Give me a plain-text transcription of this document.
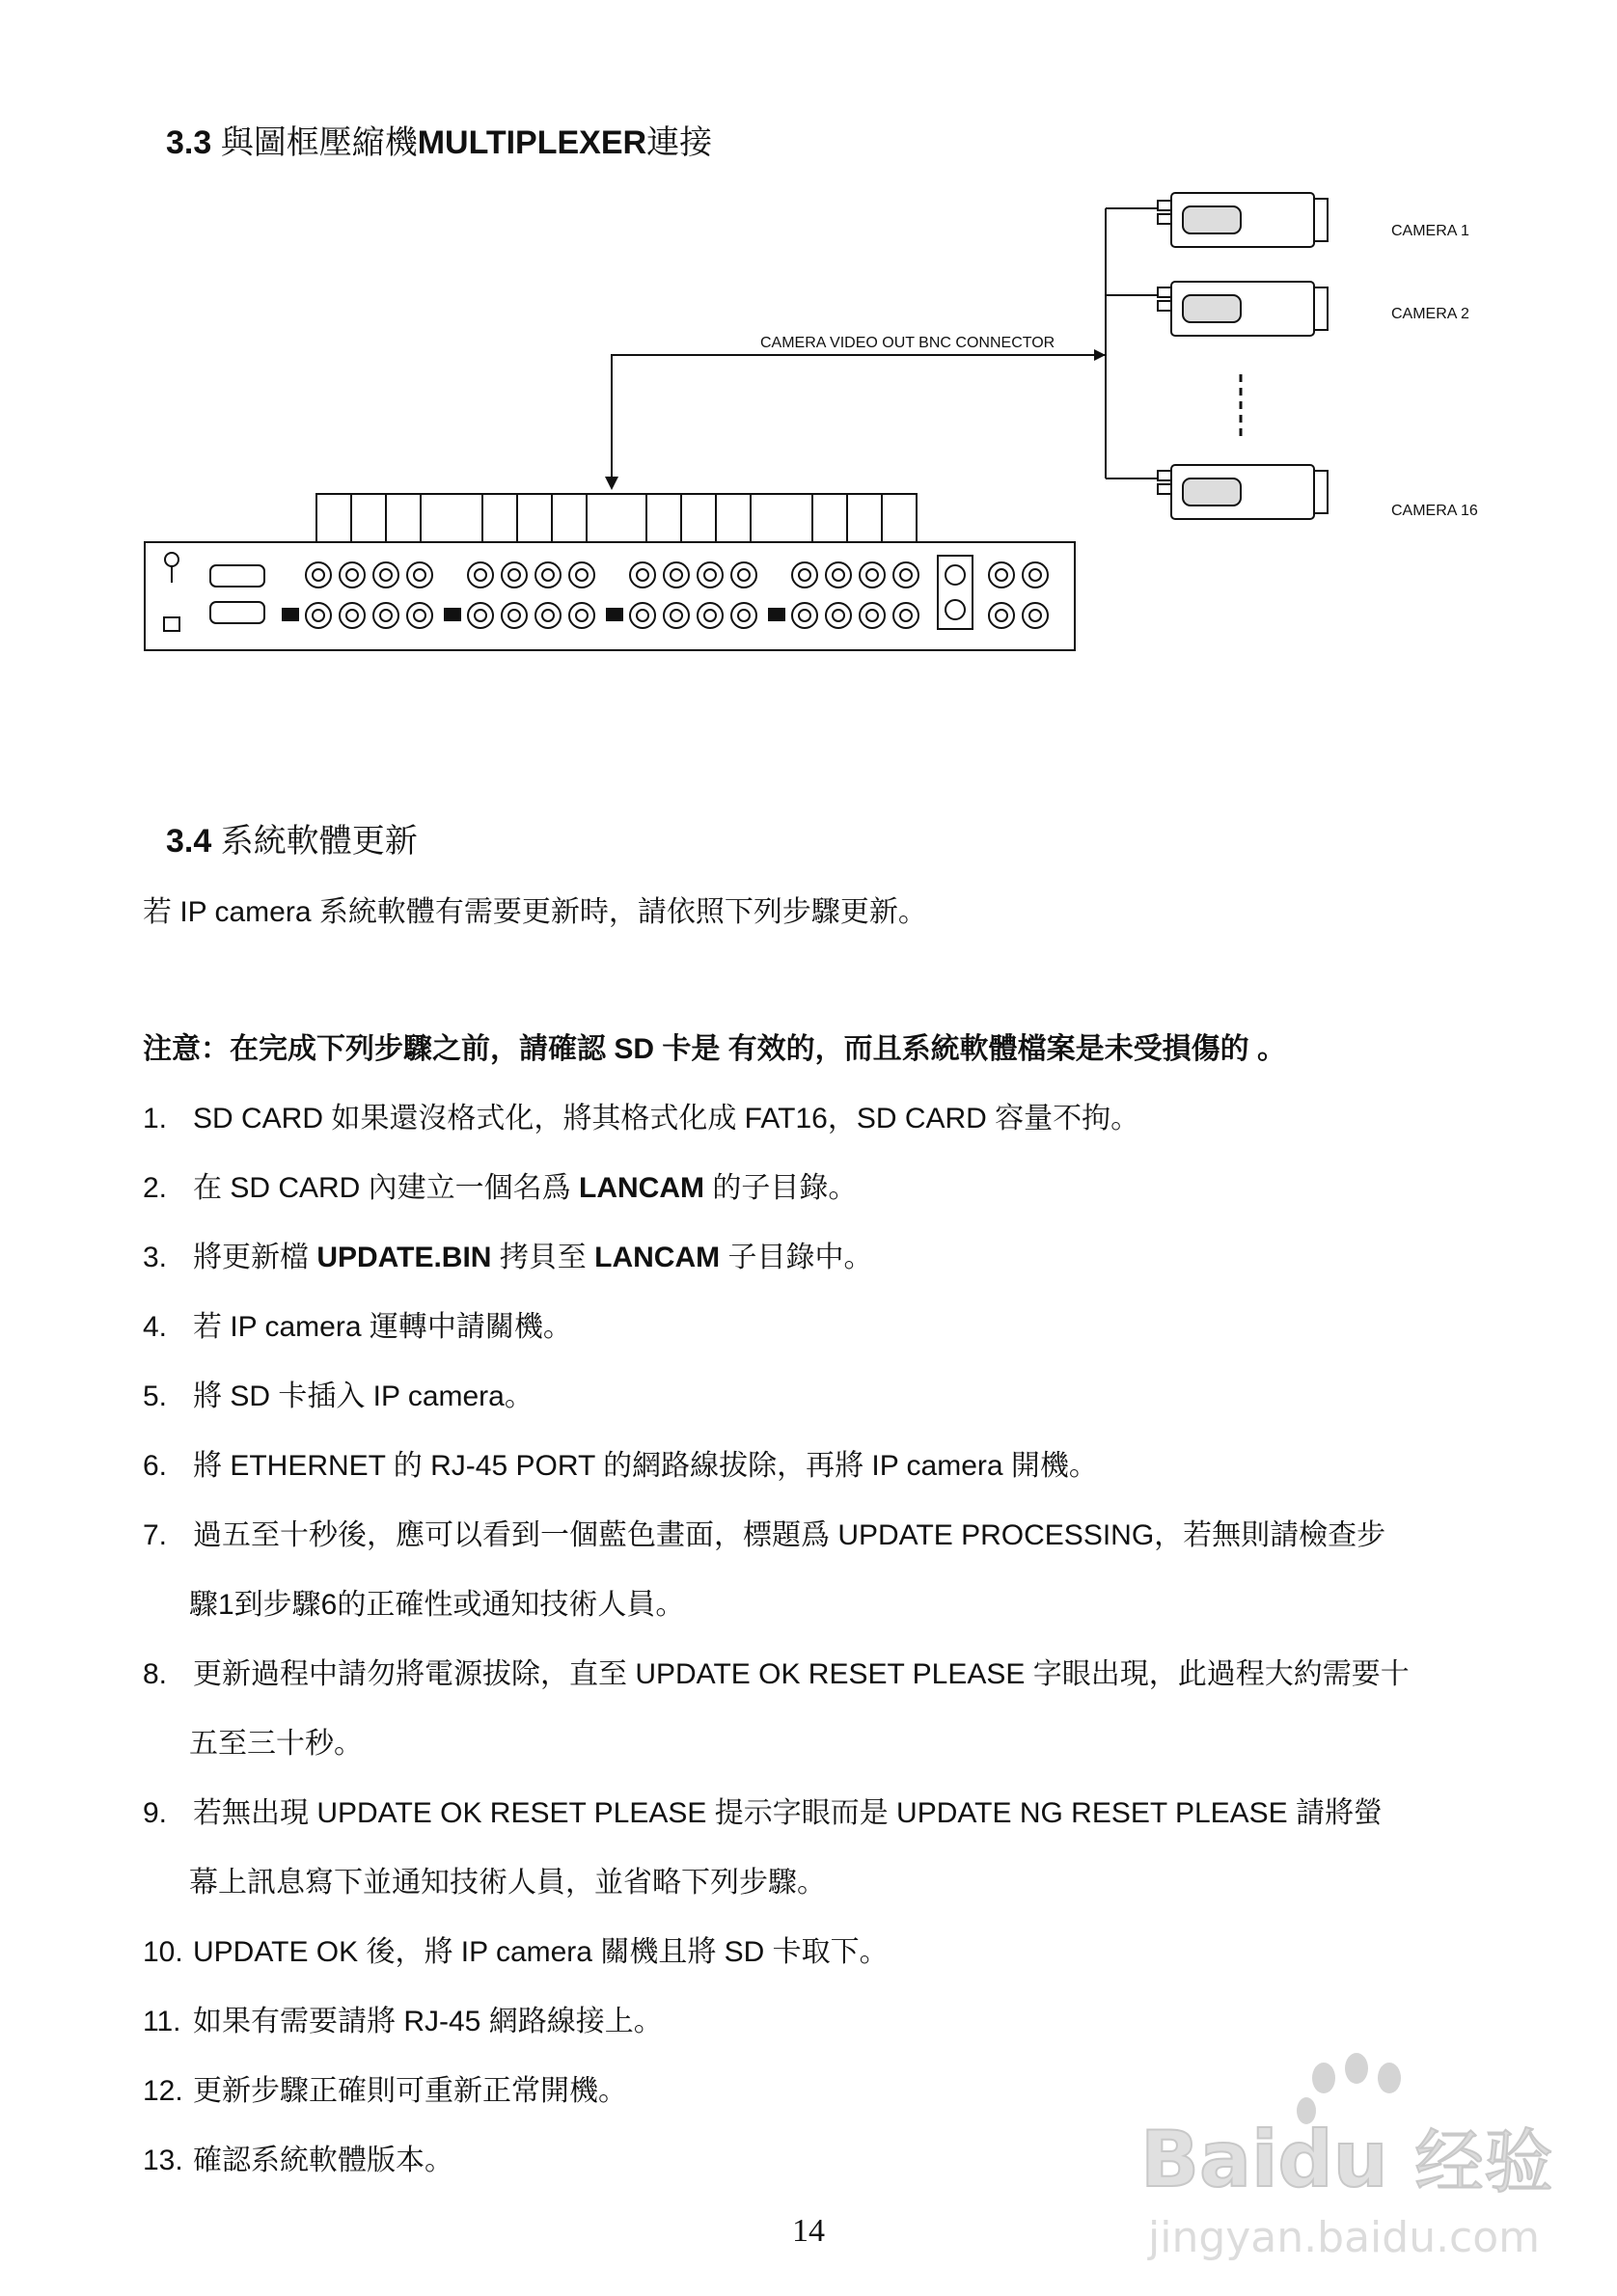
3.3 與圖框壓縮機MULTIPLEXER連接
CAMERA 1
CAMERA 2
CAMERA 16
CAMERA VIDEO OUT BNC CONNECTOR
3.4 系統軟體更新
若 IP camera 系統軟體有需要更新時，請依照下列步驟更新。
注意：在完成下列步驟之前，請確認 SD 卡是 有效的，而且系統軟體檔案是未受損傷的 。
1. SD CARD 如果還沒格式化，將其格式化成 FAT16，SD CARD 容量不拘。
2. 在 SD CARD 內建立一個名爲 LANCAM 的子目錄。
3. 將更新檔 UPDATE.BIN 拷貝至 LANCAM 子目錄中。
4. 若 IP camera 運轉中請關機。
5. 將 SD 卡插入 IP camera。
6. 將 ETHERNET 的 RJ-45 PORT 的網路線拔除，再將 IP camera 開機。
7. 過五至十秒後，應可以看到一個藍色畫面，標題爲 UPDATE PROCESSING，若無則請檢查步
驟1到步驟6的正確性或通知技術人員。
8. 更新過程中請勿將電源拔除，直至 UPDATE OK RESET PLEASE 字眼出現，此過程大約需要十
五至三十秒。
9. 若無出現 UPDATE OK RESET PLEASE 提示字眼而是 UPDATE NG RESET PLEASE 請將螢
幕上訊息寫下並通知技術人員，並省略下列步驟。
10. UPDATE OK 後，將 IP camera 關機且將 SD 卡取下。
11. 如果有需要請將 RJ-45 網路線接上。
12. 更新步驟正確則可重新正常開機。
13. 確認系統軟體版本。
14
Baidu 经验
jingyan.baidu.com
